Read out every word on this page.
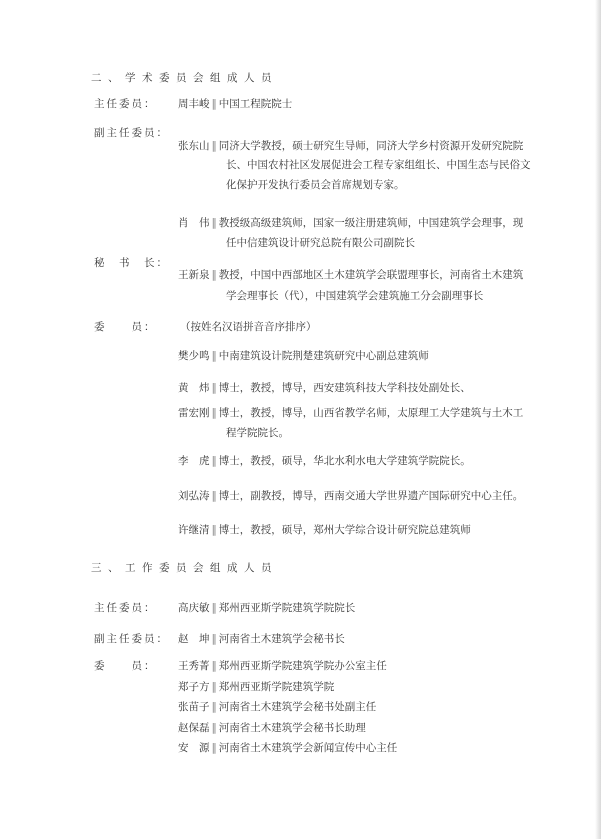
二、学术委员会组成人员
主任委员： 周丰峻 ‖ 中国工程院院士
副主任委员：
张东山 ‖ 同济大学教授，硕士研究生导师，同济大学乡村资源开发研究院院
长、中国农村社区发展促进会工程专家组组长、中国生态与民俗文
化保护开发执行委员会首席规划专家。
肖　伟 ‖ 教授级高级建筑师，国家一级注册建筑师，中国建筑学会理事，现
任中信建筑设计研究总院有限公司副院长
秘　书　长：
王新泉 ‖ 教授，中国中西部地区土木建筑学会联盟理事长，河南省土木建筑
学会理事长（代），中国建筑学会建筑施工分会副理事长
委　　员： （按姓名汉语拼音音序排序）
樊少鸣 ‖ 中南建筑设计院荆楚建筑研究中心副总建筑师
黄　炜 ‖ 博士，教授，博导，西安建筑科技大学科技处副处长、
雷宏刚 ‖ 博士，教授，博导，山西省教学名师，太原理工大学建筑与土木工
程学院院长。
李　虎 ‖ 博士，教授，硕导，华北水利水电大学建筑学院院长。
刘弘涛 ‖ 博士，副教授，博导，西南交通大学世界遗产国际研究中心主任。
许继清 ‖ 博士，教授，硕导，郑州大学综合设计研究院总建筑师
三、工作委员会组成人员
主任委员： 高庆敏 ‖ 郑州西亚斯学院建筑学院院长
副主任委员： 赵　坤 ‖ 河南省土木建筑学会秘书长
委　　员： 王秀菁 ‖ 郑州西亚斯学院建筑学院办公室主任
郑子方 ‖ 郑州西亚斯学院建筑学院
张苗子 ‖ 河南省土木建筑学会秘书处副主任
赵保磊 ‖ 河南省土木建筑学会秘书长助理
安　源 ‖ 河南省土木建筑学会新闻宣传中心主任
